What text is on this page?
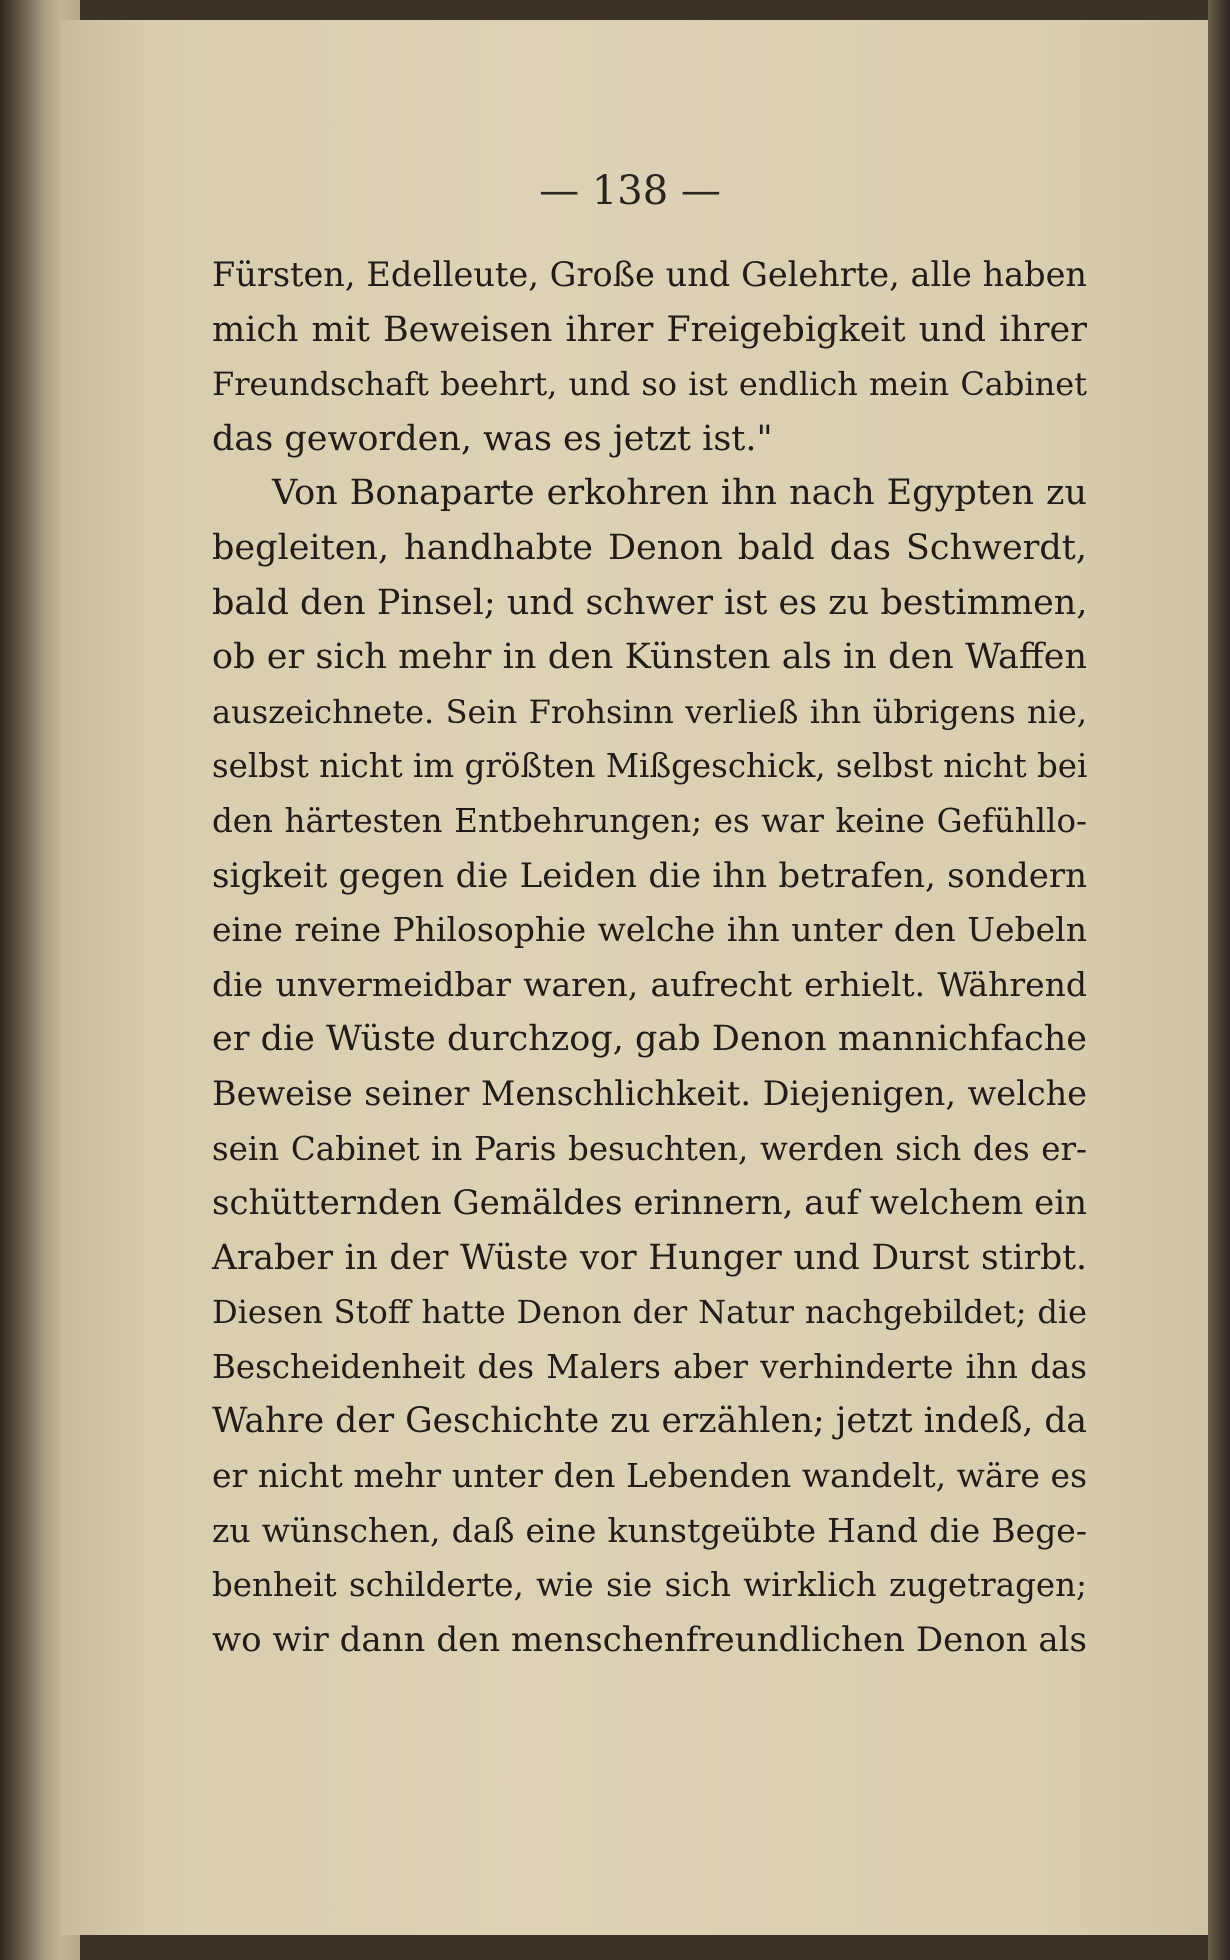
— 138 —
Fürsten, Edelleute, Große und Gelehrte, alle haben
mich mit Beweisen ihrer Freigebigkeit und ihrer
Freundschaft beehrt, und so ist endlich mein Cabinet
das geworden, was es jetzt ist."
Von Bonaparte erkohren ihn nach Egypten zu
begleiten, handhabte Denon bald das Schwerdt,
bald den Pinsel; und schwer ist es zu bestimmen,
ob er sich mehr in den Künsten als in den Waffen
auszeichnete. Sein Frohsinn verließ ihn übrigens nie,
selbst nicht im größten Mißgeschick, selbst nicht bei
den härtesten Entbehrungen; es war keine Gefühllo-
sigkeit gegen die Leiden die ihn betrafen, sondern
eine reine Philosophie welche ihn unter den Uebeln
die unvermeidbar waren, aufrecht erhielt. Während
er die Wüste durchzog, gab Denon mannichfache
Beweise seiner Menschlichkeit. Diejenigen, welche
sein Cabinet in Paris besuchten, werden sich des er-
schütternden Gemäldes erinnern, auf welchem ein
Araber in der Wüste vor Hunger und Durst stirbt.
Diesen Stoff hatte Denon der Natur nachgebildet; die
Bescheidenheit des Malers aber verhinderte ihn das
Wahre der Geschichte zu erzählen; jetzt indeß, da
er nicht mehr unter den Lebenden wandelt, wäre es
zu wünschen, daß eine kunstgeübte Hand die Bege-
benheit schilderte, wie sie sich wirklich zugetragen;
wo wir dann den menschenfreundlichen Denon als
